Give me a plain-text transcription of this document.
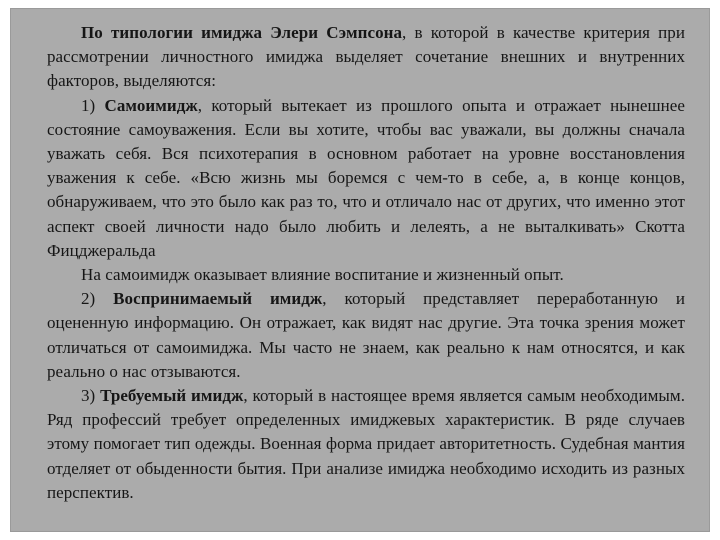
По типологии имиджа Элери Сэмпсона, в которой в качестве критерия при рассмотрении личностного имиджа выделяет сочетание внешних и внутренних факторов, выделяются:

1) Самоимидж, который вытекает из прошлого опыта и отражает нынешнее состояние самоуважения. Если вы хотите, чтобы вас уважали, вы должны сначала уважать себя. Вся психотерапия в основном работает на уровне восстановления уважения к себе. «Всю жизнь мы боремся с чем-то в себе, а, в конце концов, обнаруживаем, что это было как раз то, что и отличало нас от других, что именно этот аспект своей личности надо было любить и лелеять, а не выталкивать» Скотта Фицджеральда

На самоимидж оказывает влияние воспитание и жизненный опыт.

2) Воспринимаемый имидж, который представляет переработанную и оцененную информацию. Он отражает, как видят нас другие. Эта точка зрения может отличаться от самоимиджа. Мы часто не знаем, как реально к нам относятся, и как реально о нас отзываются.

3) Требуемый имидж, который в настоящее время является самым необходимым. Ряд профессий требует определенных имиджевых характеристик. В ряде случаев этому помогает тип одежды. Военная форма придает авторитетность. Судебная мантия отделяет от обыденности бытия. При анализе имиджа необходимо исходить из разных перспектив.
